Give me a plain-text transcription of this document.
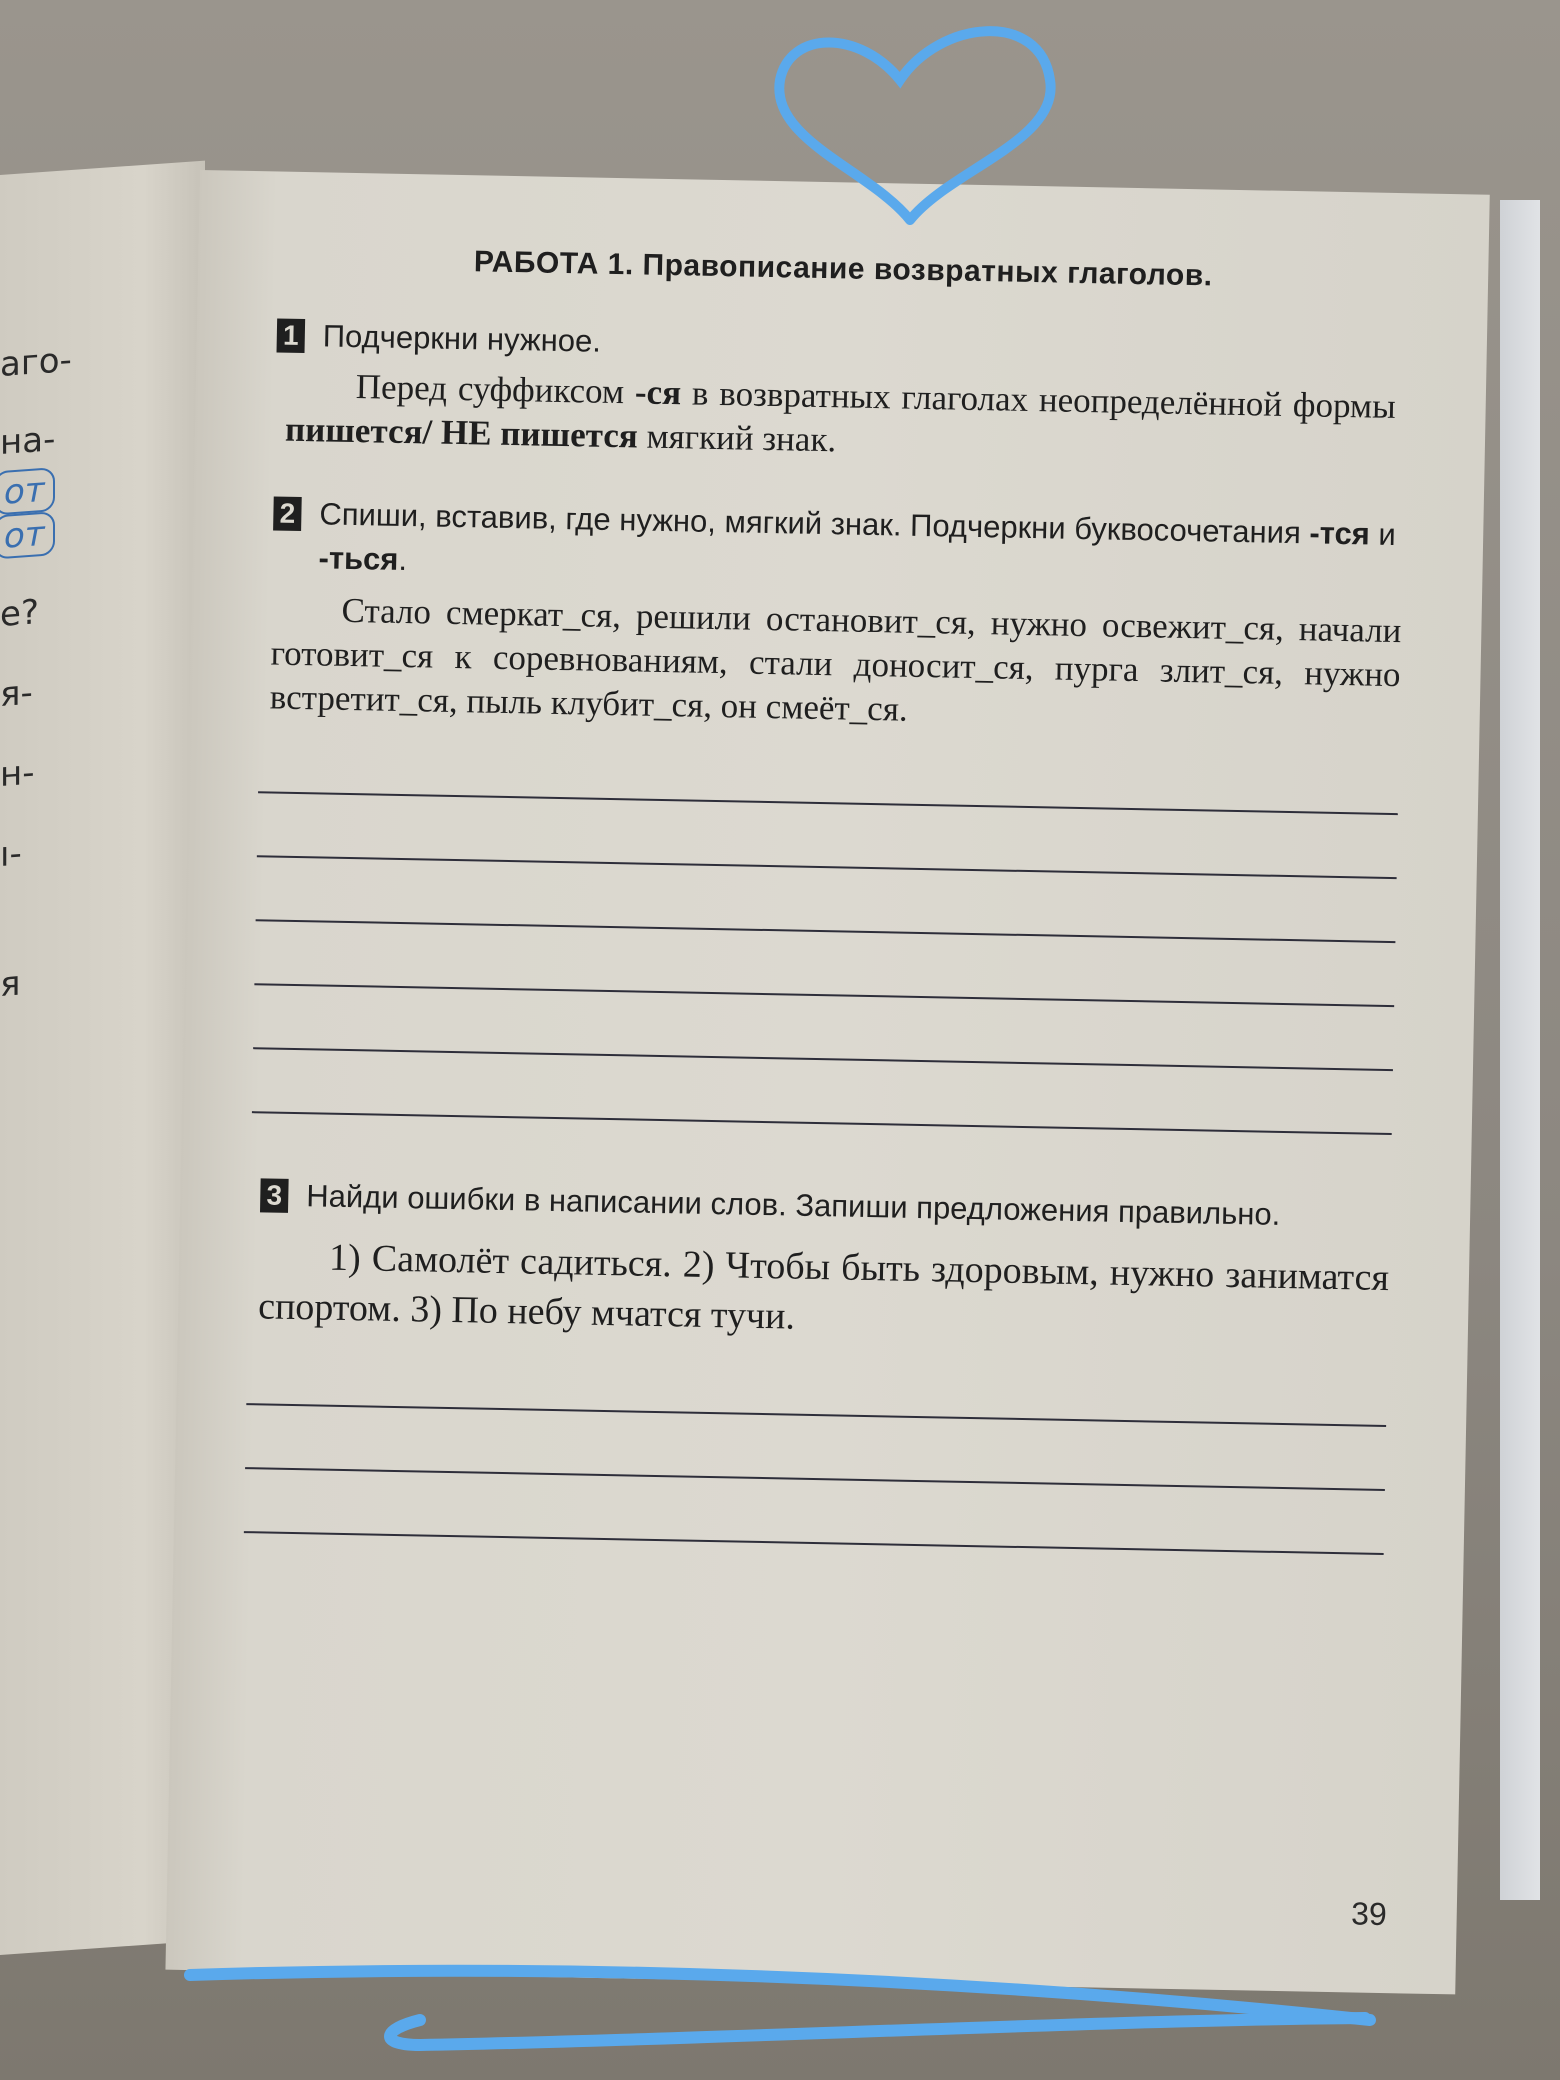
аго-
на-
от
от
е?
я-
н-
ı-
я
РАБОТА 1. Правописание возвратных глаголов.
1 Подчеркни нужное.
Перед суффиксом -ся в возвратных глаголах неопределённой формы пишется/ НЕ пишется мягкий знак.
2 Спиши, вставив, где нужно, мягкий знак. Подчеркни буквосочетания -тся и -ться.
Стало смеркат_ся, решили остановит_ся, нужно освежит_ся, начали готовит_ся к соревнованиям, стали доносит_ся, пурга злит_ся, нужно встретит_ся, пыль клубит_ся, он смеёт_ся.
3 Найди ошибки в написании слов. Запиши предложения правильно.
1) Самолёт садиться. 2) Чтобы быть здоровым, нужно заниматся спортом. 3) По небу мчатся тучи.
39
